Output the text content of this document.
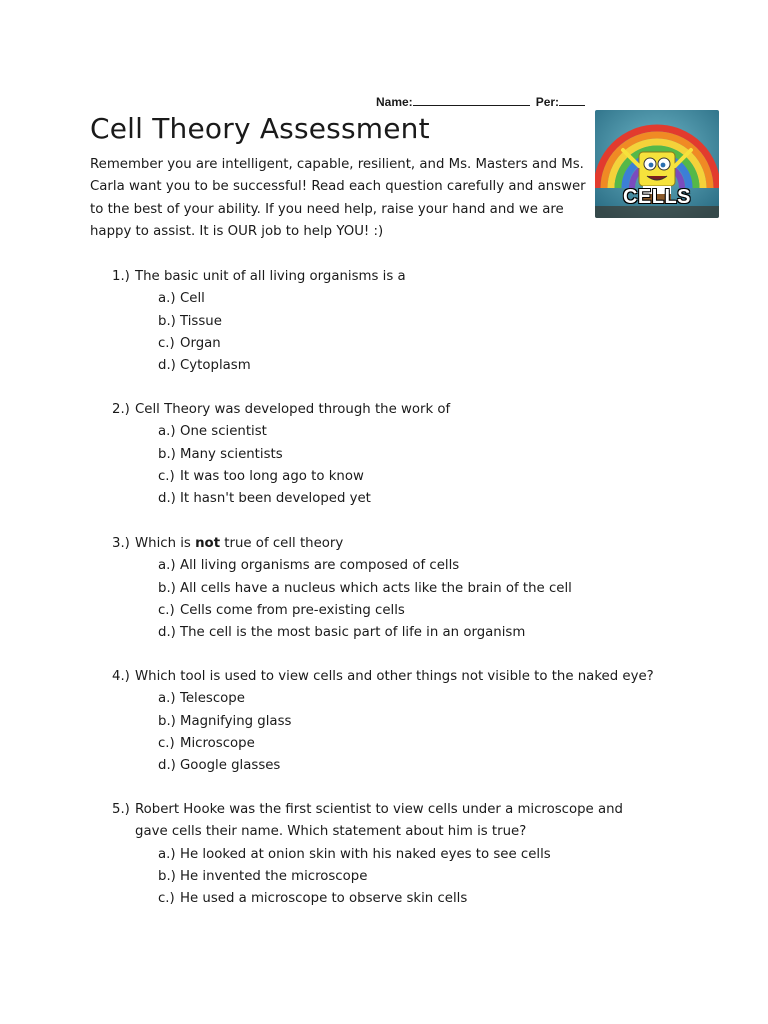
Name:	Per:
Cell Theory Assessment

Remember you are intelligent, capable, resilient, and Ms. Masters and Ms. Carla want you to be successful! Read each question carefully and answer to the best of your ability. If you need help, raise your hand and we are happy to assist. It is OUR job to help YOU! :)

CELLS
1.) The basic unit of all living organisms is a
a.) Cell
b.) Tissue
c.) Organ
d.) Cytoplasm
2.) Cell Theory was developed through the work of
a.) One scientist
b.) Many scientists
c.) It was too long ago to know
d.) It hasn't been developed yet
3.) Which is not true of cell theory
a.) All living organisms are composed of cells
b.) All cells have a nucleus which acts like the brain of the cell
c.) Cells come from pre-existing cells
d.) The cell is the most basic part of life in an organism
4.) Which tool is used to view cells and other things not visible to the naked eye?
a.) Telescope
b.) Magnifying glass
c.) Microscope
d.) Google glasses
5.) Robert Hooke was the first scientist to view cells under a microscope and
gave cells their name. Which statement about him is true?
a.) He looked at onion skin with his naked eyes to see cells
b.) He invented the microscope
c.) He used a microscope to observe skin cells
